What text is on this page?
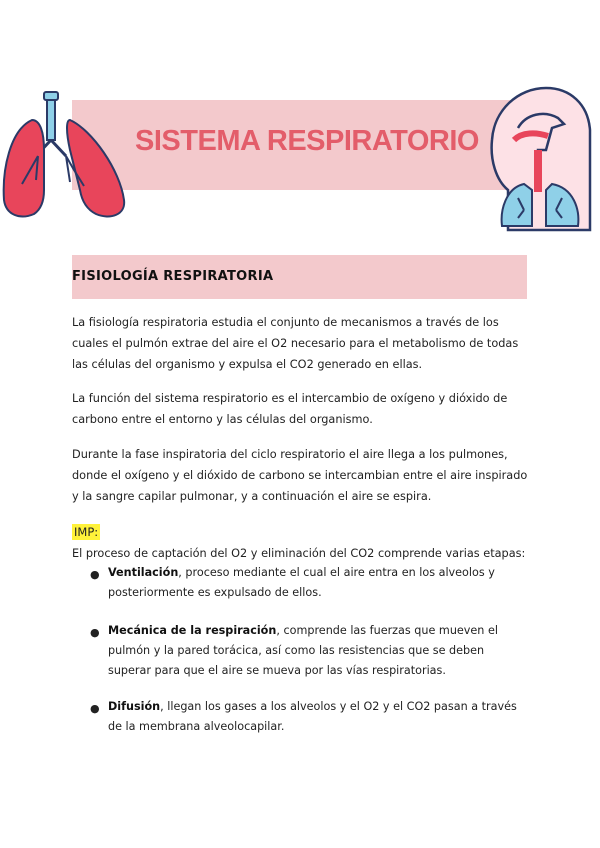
SISTEMA RESPIRATORIO
FISIOLOGÍA RESPIRATORIA
La fisiología respiratoria estudia el conjunto de mecanismos a través de los cuales el pulmón extrae del aire el O2 necesario para el metabolismo de todas las células del organismo y expulsa el CO2 generado en ellas.
La función del sistema respiratorio es el intercambio de oxígeno y dióxido de carbono entre el entorno y las células del organismo.
Durante la fase inspiratoria del ciclo respiratorio el aire llega a los pulmones, donde el oxígeno y el dióxido de carbono se intercambian entre el aire inspirado y la sangre capilar pulmonar, y a continuación el aire se espira.
IMP:
El proceso de captación del O2 y eliminación del CO2 comprende varias etapas:
● Ventilación, proceso mediante el cual el aire entra en los alveolos y posteriormente es expulsado de ellos.
● Mecánica de la respiración, comprende las fuerzas que mueven el pulmón y la pared torácica, así como las resistencias que se deben superar para que el aire se mueva por las vías respiratorias.
● Difusión, llegan los gases a los alveolos y el O2 y el CO2 pasan a través de la membrana alveolocapilar.
